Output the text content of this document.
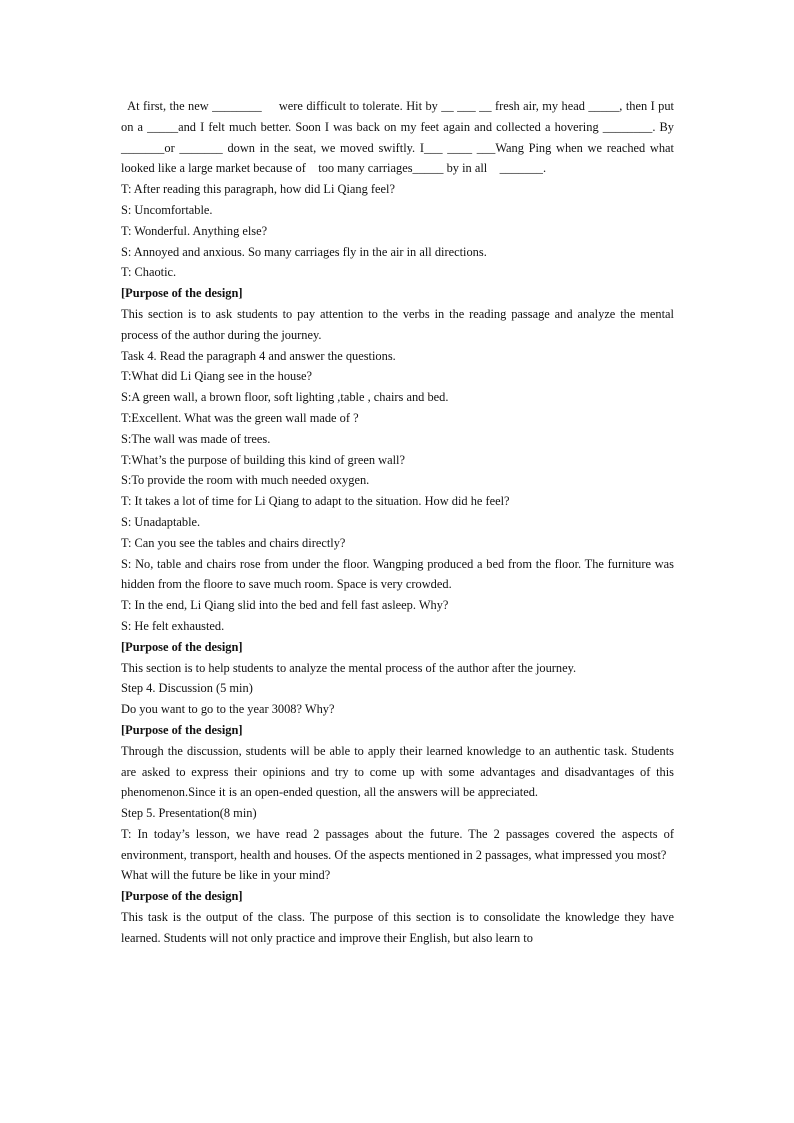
At first, the new ________     were difficult to tolerate. Hit by __ ___ __ fresh air, my head _____, then I put on a _____and I felt much better. Soon I was back on my feet again and collected a hovering ________. By _______or _______ down in the seat, we moved swiftly. I___ ____ ___Wang Ping when we reached what looked like a large market because of    too many carriages_____ by in all    _______.

T: After reading this paragraph, how did Li Qiang feel?

S: Uncomfortable.

T: Wonderful. Anything else?

S: Annoyed and anxious. So many carriages fly in the air in all directions.

T: Chaotic.

[Purpose of the design]

This section is to ask students to pay attention to the verbs in the reading passage and analyze the mental process of the author during the journey.

Task 4. Read the paragraph 4 and answer the questions.

T:What did Li Qiang see in the house?

S:A green wall, a brown floor, soft lighting ,table , chairs and bed.

T:Excellent. What was the green wall made of ?

S:The wall was made of trees.

T:What’s the purpose of building this kind of green wall?

S:To provide the room with much needed oxygen.

T: It takes a lot of time for Li Qiang to adapt to the situation. How did he feel?

S: Unadaptable.

T: Can you see the tables and chairs directly?

S: No, table and chairs rose from under the floor. Wangping produced a bed from the floor. The furniture was hidden from the floore to save much room. Space is very crowded.

T: In the end, Li Qiang slid into the bed and fell fast asleep. Why?

S: He felt exhausted.

[Purpose of the design]

This section is to help students to analyze the mental process of the author after the journey.

Step 4. Discussion (5 min)

Do you want to go to the year 3008? Why?

[Purpose of the design]

Through the discussion, students will be able to apply their learned knowledge to an authentic task. Students are asked to express their opinions and try to come up with some advantages and disadvantages of this phenomenon.Since it is an open-ended question, all the answers will be appreciated.

Step 5. Presentation(8 min)

T: In today’s lesson, we have read 2 passages about the future. The 2 passages covered the aspects of environment, transport, health and houses. Of the aspects mentioned in 2 passages, what impressed you most?

What will the future be like in your mind?

[Purpose of the design]

This task is the output of the class. The purpose of this section is to consolidate the knowledge they have learned. Students will not only practice and improve their English, but also learn to
